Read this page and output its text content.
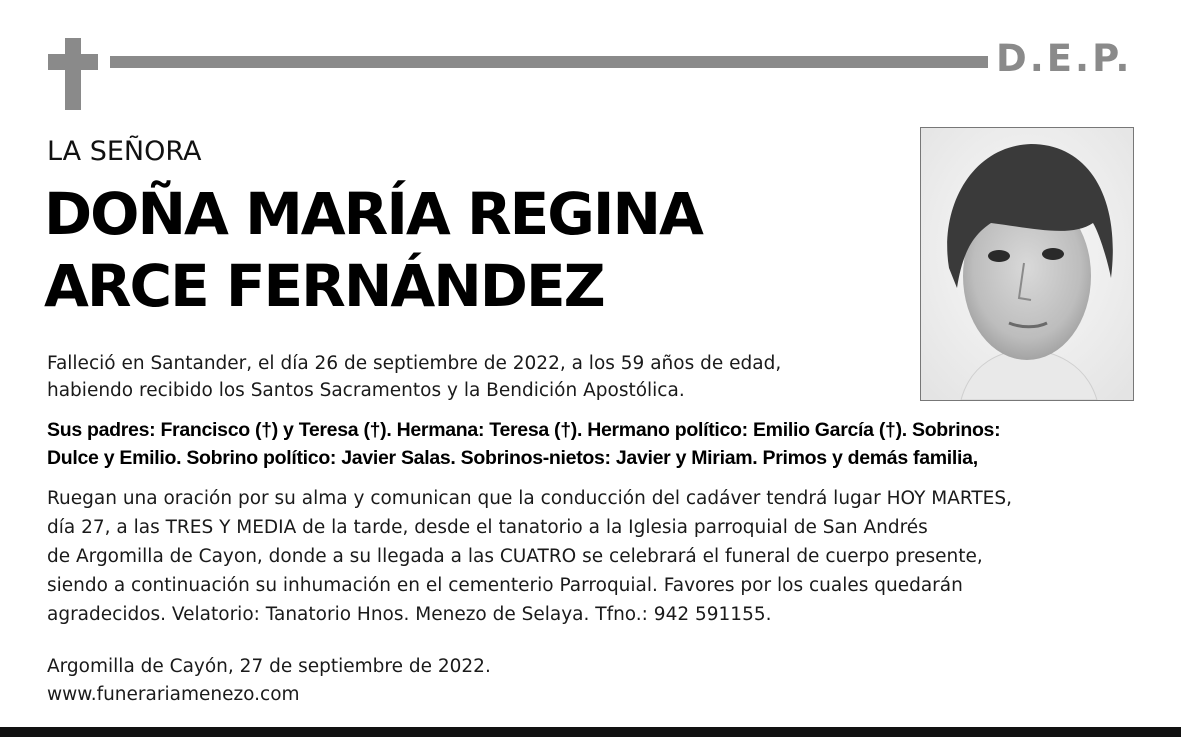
D.E.P.
LA SEÑORA
DOÑA MARÍA REGINA
ARCE FERNÁNDEZ
Falleció en Santander, el día 26 de septiembre de 2022, a los 59 años de edad,
habiendo recibido los Santos Sacramentos y la Bendición Apostólica.
Sus padres: Francisco (†) y Teresa (†). Hermana: Teresa (†). Hermano político: Emilio García (†). Sobrinos:
Dulce y Emilio. Sobrino político: Javier Salas. Sobrinos-nietos: Javier y Miriam. Primos y demás familia,
Ruegan una oración por su alma y comunican que la conducción del cadáver tendrá lugar HOY MARTES,
día 27, a las TRES Y MEDIA de la tarde, desde el tanatorio a la Iglesia parroquial de San Andrés
de Argomilla de Cayon, donde a su llegada a las CUATRO se celebrará el funeral de cuerpo presente,
siendo a continuación su inhumación en el cementerio Parroquial. Favores por los cuales quedarán
agradecidos. Velatorio: Tanatorio Hnos. Menezo de Selaya. Tfno.: 942 591155.
Argomilla de Cayón, 27 de septiembre de 2022.
www.funerariamenezo.com
